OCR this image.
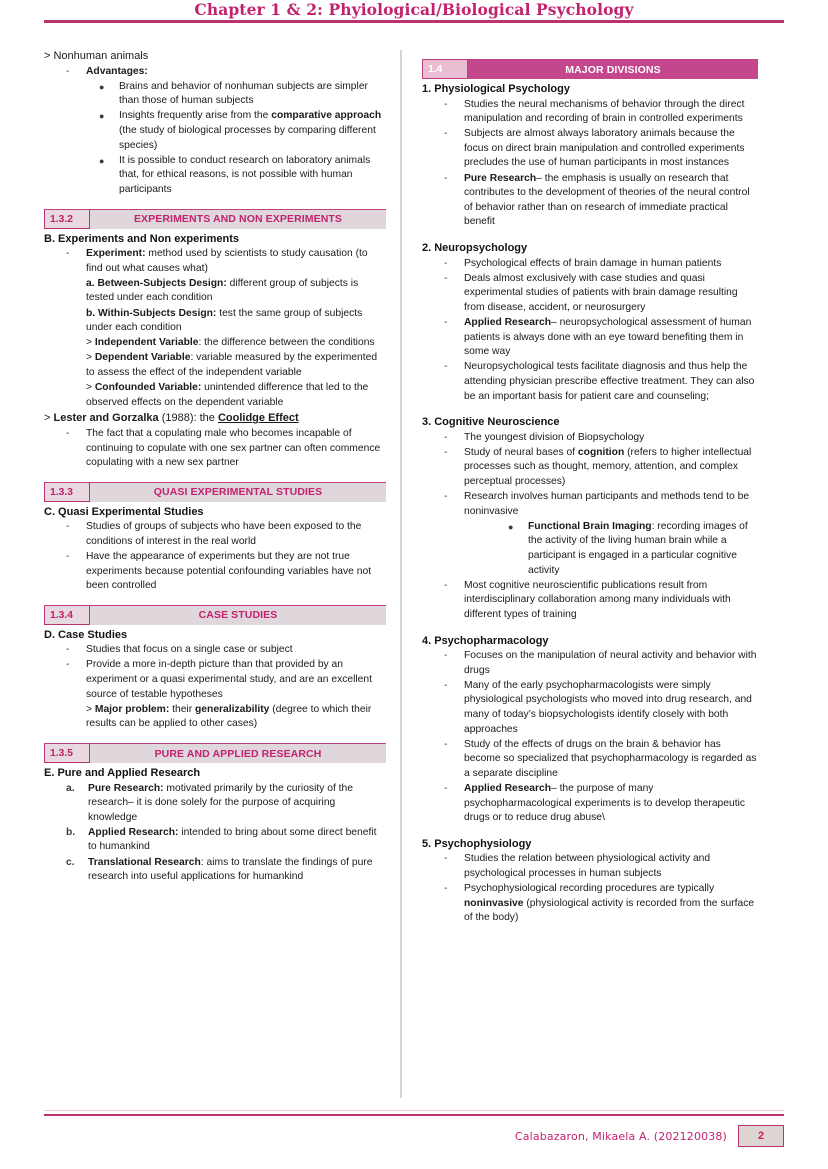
Chapter 1 & 2: Phyiological/Biological Psychology
> Nonhuman animals
-	Advantages:
●	Brains and behavior of nonhuman subjects are simpler than those of human subjects
●	Insights frequently arise from the comparative approach (the study of biological processes by comparing different species)
●	It is possible to conduct research on laboratory animals that, for ethical reasons, is not possible with human participants
1.3.2	EXPERIMENTS AND NON EXPERIMENTS
B. Experiments and Non experiments
-	Experiment: method used by scientists to study causation (to find out what causes what)
a. Between-Subjects Design: different group of subjects is tested under each condition
b. Within-Subjects Design: test the same group of subjects under each condition
> Independent Variable: the difference between the conditions
> Dependent Variable: variable measured by the experimented to assess the effect of the independent variable
> Confounded Variable: unintended difference that led to the observed effects on the dependent variable
> Lester and Gorzalka (1988): the Coolidge Effect
-	The fact that a copulating male who becomes incapable of continuing to copulate with one sex partner can often commence copulating with a new sex partner
1.3.3	QUASI EXPERIMENTAL STUDIES
C. Quasi Experimental Studies
-	Studies of groups of subjects who have been exposed to the conditions of interest in the real world
-	Have the appearance of experiments but they are not true experiments because potential confounding variables have not been controlled
1.3.4	CASE STUDIES
D. Case Studies
-	Studies that focus on a single case or subject
-	Provide a more in-depth picture than that provided by an experiment or a quasi experimental study, and are an excellent source of testable hypotheses
> Major problem: their generalizability (degree to which their results can be applied to other cases)
1.3.5	PURE AND APPLIED RESEARCH
E. Pure and Applied Research
a.	Pure Research: motivated primarily by the curiosity of the research– it is done solely for the purpose of acquiring knowledge
b.	Applied Research: intended to bring about some direct benefit to humankind
c.	Translational Research: aims to translate the findings of pure research into useful applications for humankind
1.4	MAJOR DIVISIONS
1. Physiological Psychology
-	Studies the neural mechanisms of behavior through the direct manipulation and recording of brain in controlled experiments
-	Subjects are almost always laboratory animals because the focus on direct brain manipulation and controlled experiments precludes the use of human participants in most instances
-	Pure Research– the emphasis is usually on research that contributes to the development of theories of the neural control of behavior rather than on research of immediate practical benefit
2. Neuropsychology
-	Psychological effects of brain damage in human patients
-	Deals almost exclusively with case studies and quasi experimental studies of patients with brain damage resulting from disease, accident, or neurosurgery
-	Applied Research– neuropsychological assessment of human patients is always done with an eye toward benefiting them in some way
-	Neuropsychological tests facilitate diagnosis and thus help the attending physician prescribe effective treatment. They can also be an important basis for patient care and counseling;
3. Cognitive Neuroscience
-	The youngest division of Biopsychology
-	Study of neural bases of cognition (refers to higher intellectual processes such as thought, memory, attention, and complex perceptual processes)
-	Research involves human participants and methods tend to be noninvasive
●	Functional Brain Imaging: recording images of the activity of the living human brain while a participant is engaged in a particular cognitive activity
-	Most cognitive neuroscientific publications result from interdisciplinary collaboration among many individuals with different types of training
4. Psychopharmacology
-	Focuses on the manipulation of neural activity and behavior with drugs
-	Many of the early psychopharmacologists were simply physiological psychologists who moved into drug research, and many of today’s biopsychologists identify closely with both approaches
-	Study of the effects of drugs on the brain & behavior has become so specialized that psychopharmacology is regarded as a separate discipline
-	Applied Research– the purpose of many psychopharmacological experiments is to develop therapeutic drugs or to reduce drug abuse\
5. Psychophysiology
-	Studies the relation between physiological activity and psychological processes in human subjects
-	Psychophysiological recording procedures are typically noninvasive (physiological activity is recorded from the surface of the body)
Calabazaron, Mikaela A. (202120038)	2
